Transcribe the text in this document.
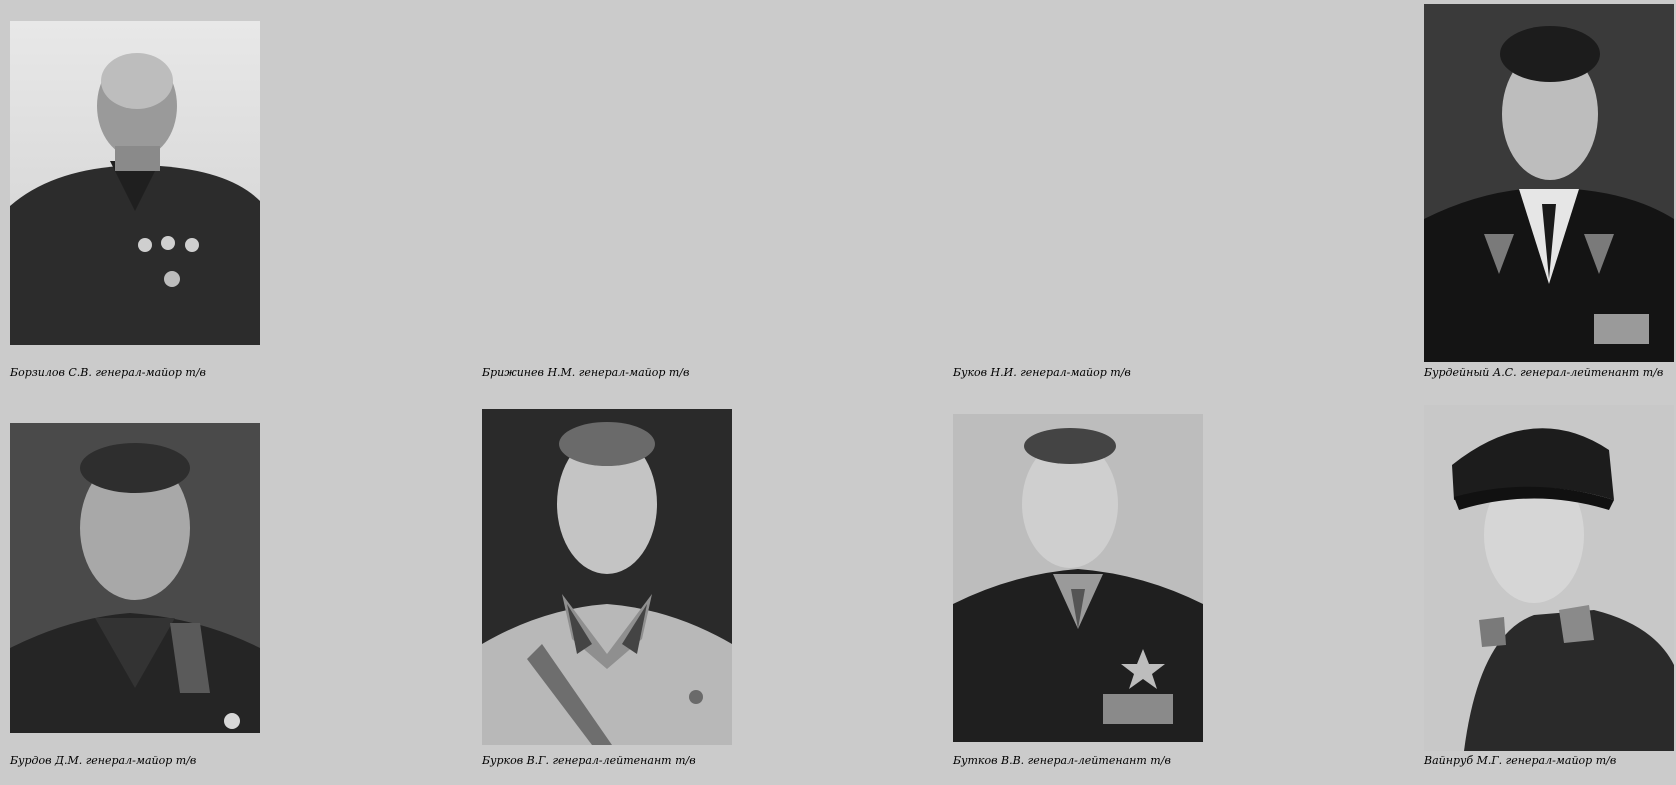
Борзилов С.В. генерал-майор т/в	Брижинев Н.М. генерал-майор т/в	Буков Н.И. генерал-майор т/в	Бурдейный А.С. генерал-лейтенант т/в
Бурдов Д.М. генерал-майор т/в	Бурков В.Г. генерал-лейтенант т/в	Бутков В.В. генерал-лейтенант т/в	Вайнруб М.Г. генерал-майор т/в
